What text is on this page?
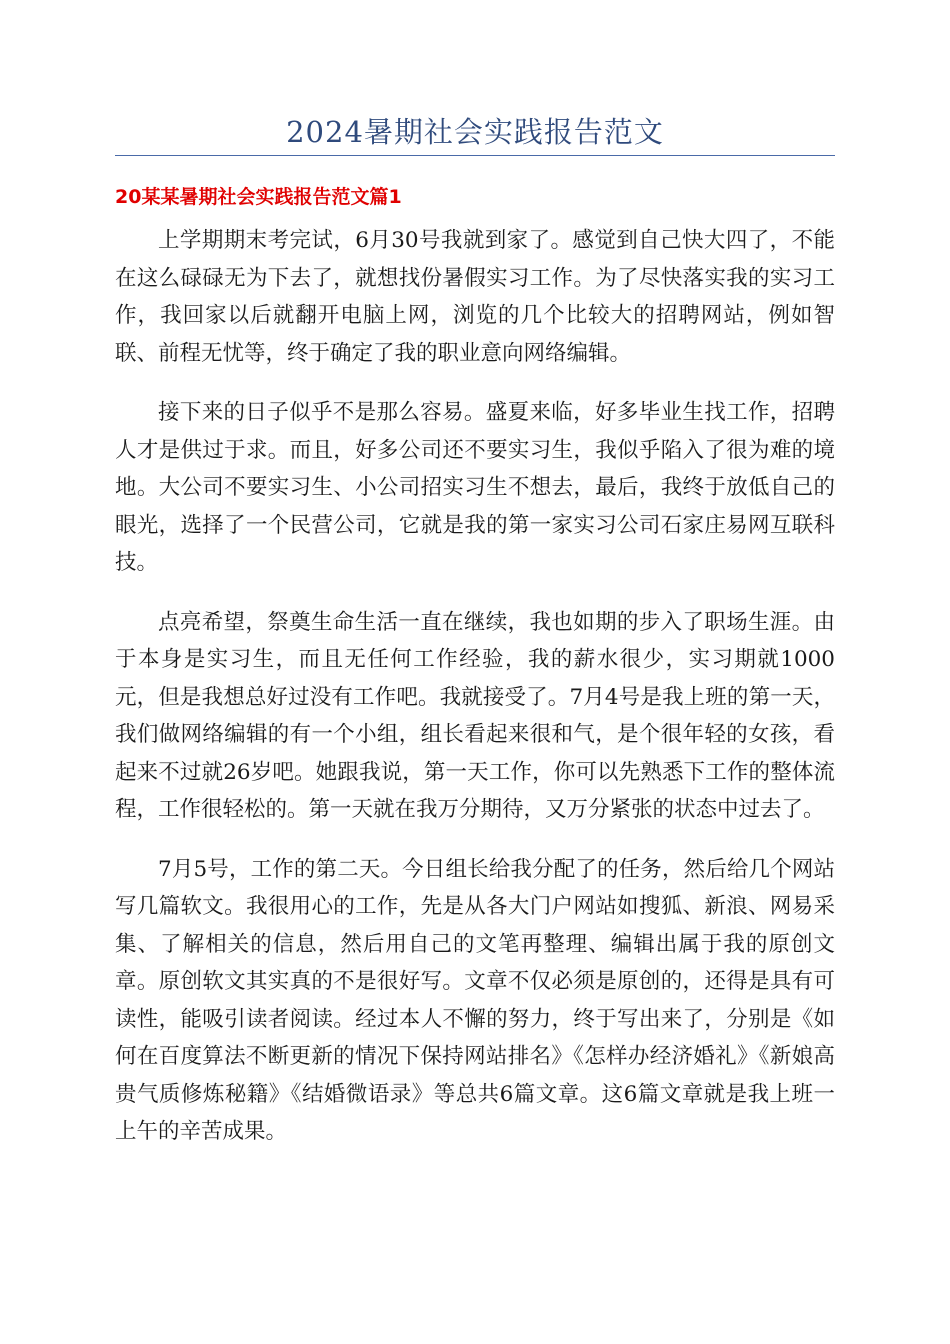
2024暑期社会实践报告范文
20某某暑期社会实践报告范文篇1

上学期期末考完试，6月30号我就到家了。感觉到自己快大四了，不能在这么碌碌无为下去了，就想找份暑假实习工作。为了尽快落实我的实习工作，我回家以后就翻开电脑上网，浏览的几个比较大的招聘网站，例如智联、前程无忧等，终于确定了我的职业意向网络编辑。

接下来的日子似乎不是那么容易。盛夏来临，好多毕业生找工作，招聘人才是供过于求。而且，好多公司还不要实习生，我似乎陷入了很为难的境地。大公司不要实习生、小公司招实习生不想去，最后，我终于放低自己的眼光，选择了一个民营公司，它就是我的第一家实习公司石家庄易网互联科技。

点亮希望，祭奠生命生活一直在继续，我也如期的步入了职场生涯。由于本身是实习生，而且无任何工作经验，我的薪水很少，实习期就1000元，但是我想总好过没有工作吧。我就接受了。7月4号是我上班的第一天，我们做网络编辑的有一个小组，组长看起来很和气，是个很年轻的女孩，看起来不过就26岁吧。她跟我说，第一天工作，你可以先熟悉下工作的整体流程，工作很轻松的。第一天就在我万分期待，又万分紧张的状态中过去了。

7月5号，工作的第二天。今日组长给我分配了的任务，然后给几个网站写几篇软文。我很用心的工作，先是从各大门户网站如搜狐、新浪、网易采集、了解相关的信息，然后用自己的文笔再整理、编辑出属于我的原创文章。原创软文其实真的不是很好写。文章不仅必须是原创的，还得是具有可读性，能吸引读者阅读。经过本人不懈的努力，终于写出来了，分别是《如何在百度算法不断更新的情况下保持网站排名》《怎样办经济婚礼》《新娘高贵气质修炼秘籍》《结婚微语录》等总共6篇文章。这6篇文章就是我上班一上午的辛苦成果。
